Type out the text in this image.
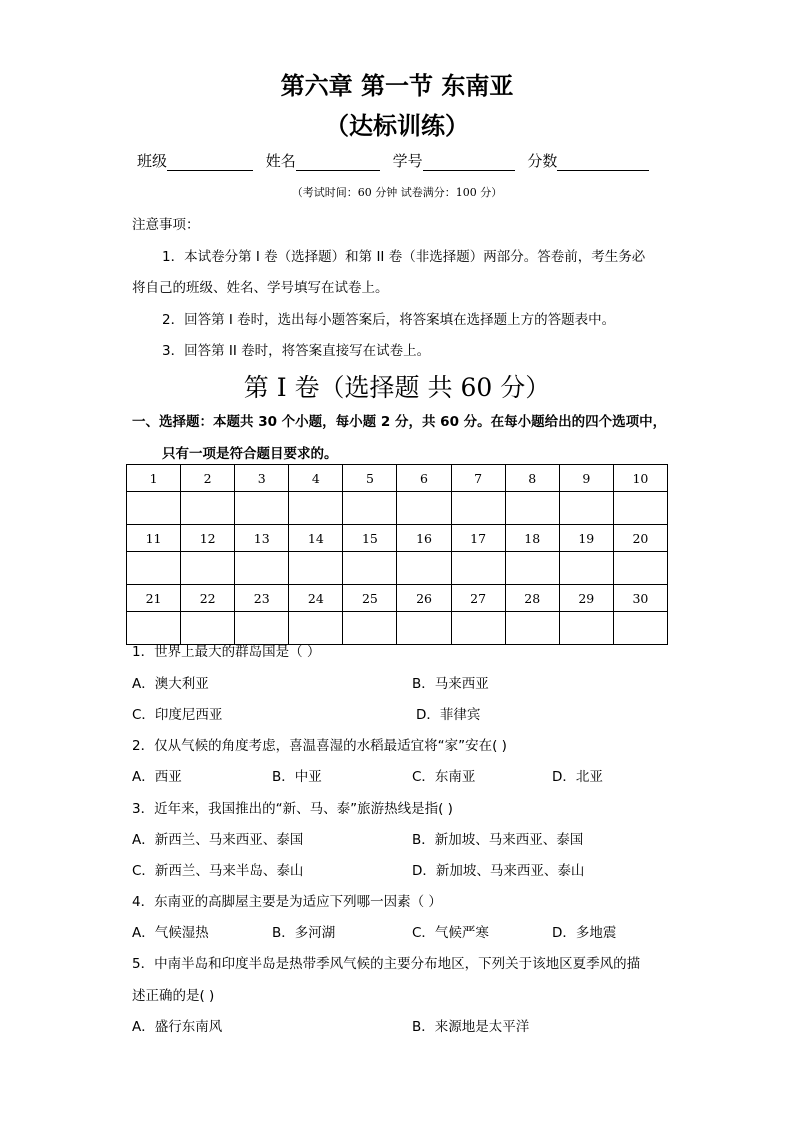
第六章 第一节 东南亚
（达标训练）
班级	姓名	学号	分数
（考试时间：60 分钟 试卷满分：100 分）
注意事项：
1．本试卷分第 I 卷（选择题）和第 II 卷（非选择题）两部分。答卷前，考生务必
将自己的班级、姓名、学号填写在试卷上。
2．回答第 I 卷时，选出每小题答案后，将答案填在选择题上方的答题表中。
3．回答第 II 卷时，将答案直接写在试卷上。
第 I 卷（选择题 共 60 分）
一、选择题：本题共 30 个小题，每小题 2 分，共 60 分。在每小题给出的四个选项中，
只有一项是符合题目要求的。
1	2	3	4	5	6	7	8	9	10

11	12	13	14	15	16	17	18	19	20

21	22	23	24	25	26	27	28	29	30

1．世界上最大的群岛国是（ ）
A．澳大利亚	B．马来西亚
C．印度尼西亚	D．菲律宾
2．仅从气候的角度考虑，喜温喜湿的水稻最适宜将“家”安在( )
A．西亚	B．中亚	C．东南亚	D．北亚
3．近年来，我国推出的“新、马、泰”旅游热线是指( )
A．新西兰、马来西亚、泰国	B．新加坡、马来西亚、泰国
C．新西兰、马来半岛、泰山	D．新加坡、马来西亚、泰山
4．东南亚的高脚屋主要是为适应下列哪一因素（ ）
A．气候湿热	B．多河湖	C．气候严寒	D．多地震
5．中南半岛和印度半岛是热带季风气候的主要分布地区，下列关于该地区夏季风的描
述正确的是( )
A．盛行东南风	B．来源地是太平洋
